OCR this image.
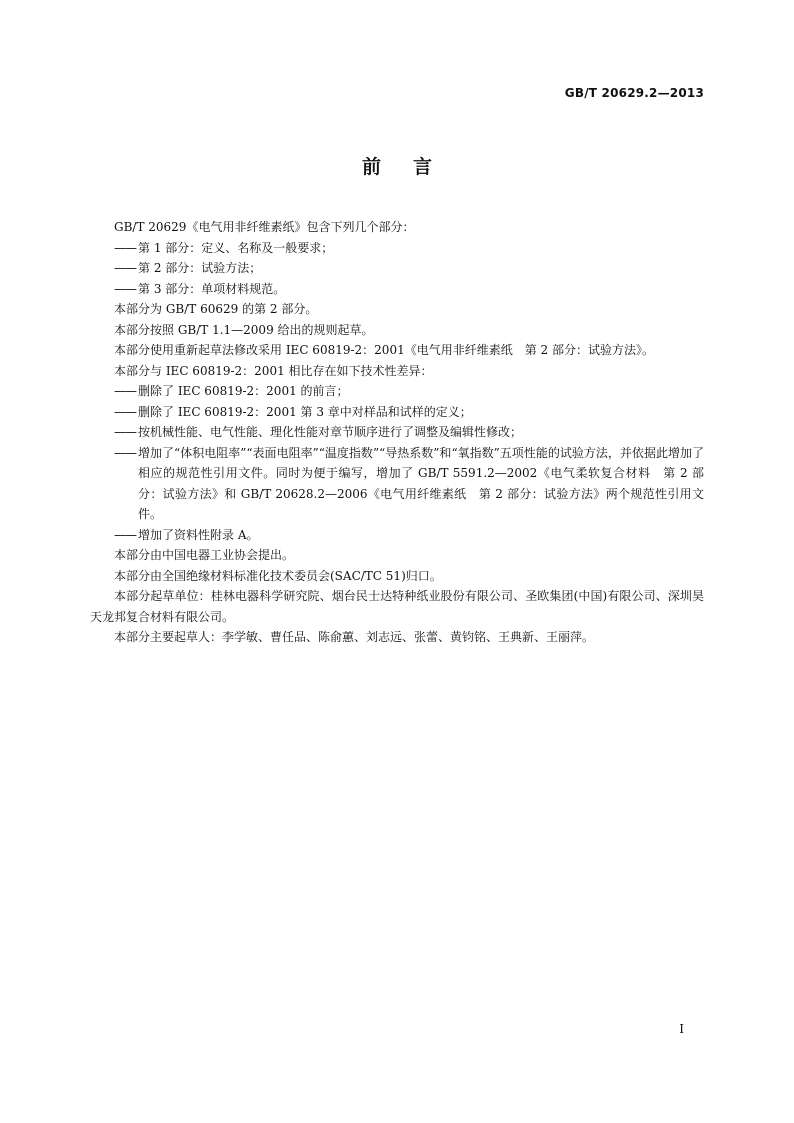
GB/T 20629.2—2013
前言

GB/T 20629《电气用非纤维素纸》包含下列几个部分：

—— 第 1 部分：定义、名称及一般要求；
—— 第 2 部分：试验方法；
—— 第 3 部分：单项材料规范。

本部分为 GB/T 60629 的第 2 部分。

本部分按照 GB/T 1.1—2009 给出的规则起草。

本部分使用重新起草法修改采用 IEC 60819-2：2001《电气用非纤维素纸　第 2 部分：试验方法》。

本部分与 IEC 60819-2：2001 相比存在如下技术性差异：

—— 删除了 IEC 60819-2：2001 的前言；
—— 删除了 IEC 60819-2：2001 第 3 章中对样品和试样的定义；
—— 按机械性能、电气性能、理化性能对章节顺序进行了调整及编辑性修改；
—— 增加了“体积电阻率”“表面电阻率”“温度指数”“导热系数”和“氧指数”五项性能的试验方法，并依据此增加了相应的规范性引用文件。同时为便于编写，增加了 GB/T 5591.2—2002《电气柔软复合材料　第 2 部分：试验方法》和 GB/T 20628.2—2006《电气用纤维素纸　第 2 部分：试验方法》两个规范性引用文件。
—— 增加了资料性附录 A。

本部分由中国电器工业协会提出。

本部分由全国绝缘材料标准化技术委员会(SAC/TC 51)归口。

本部分起草单位：桂林电器科学研究院、烟台民士达特种纸业股份有限公司、圣欧集团(中国)有限公司、深圳昊天龙邦复合材料有限公司。

本部分主要起草人：李学敏、曹任品、陈俞蕙、刘志远、张蕾、黄钧铭、王典新、王丽萍。

I
